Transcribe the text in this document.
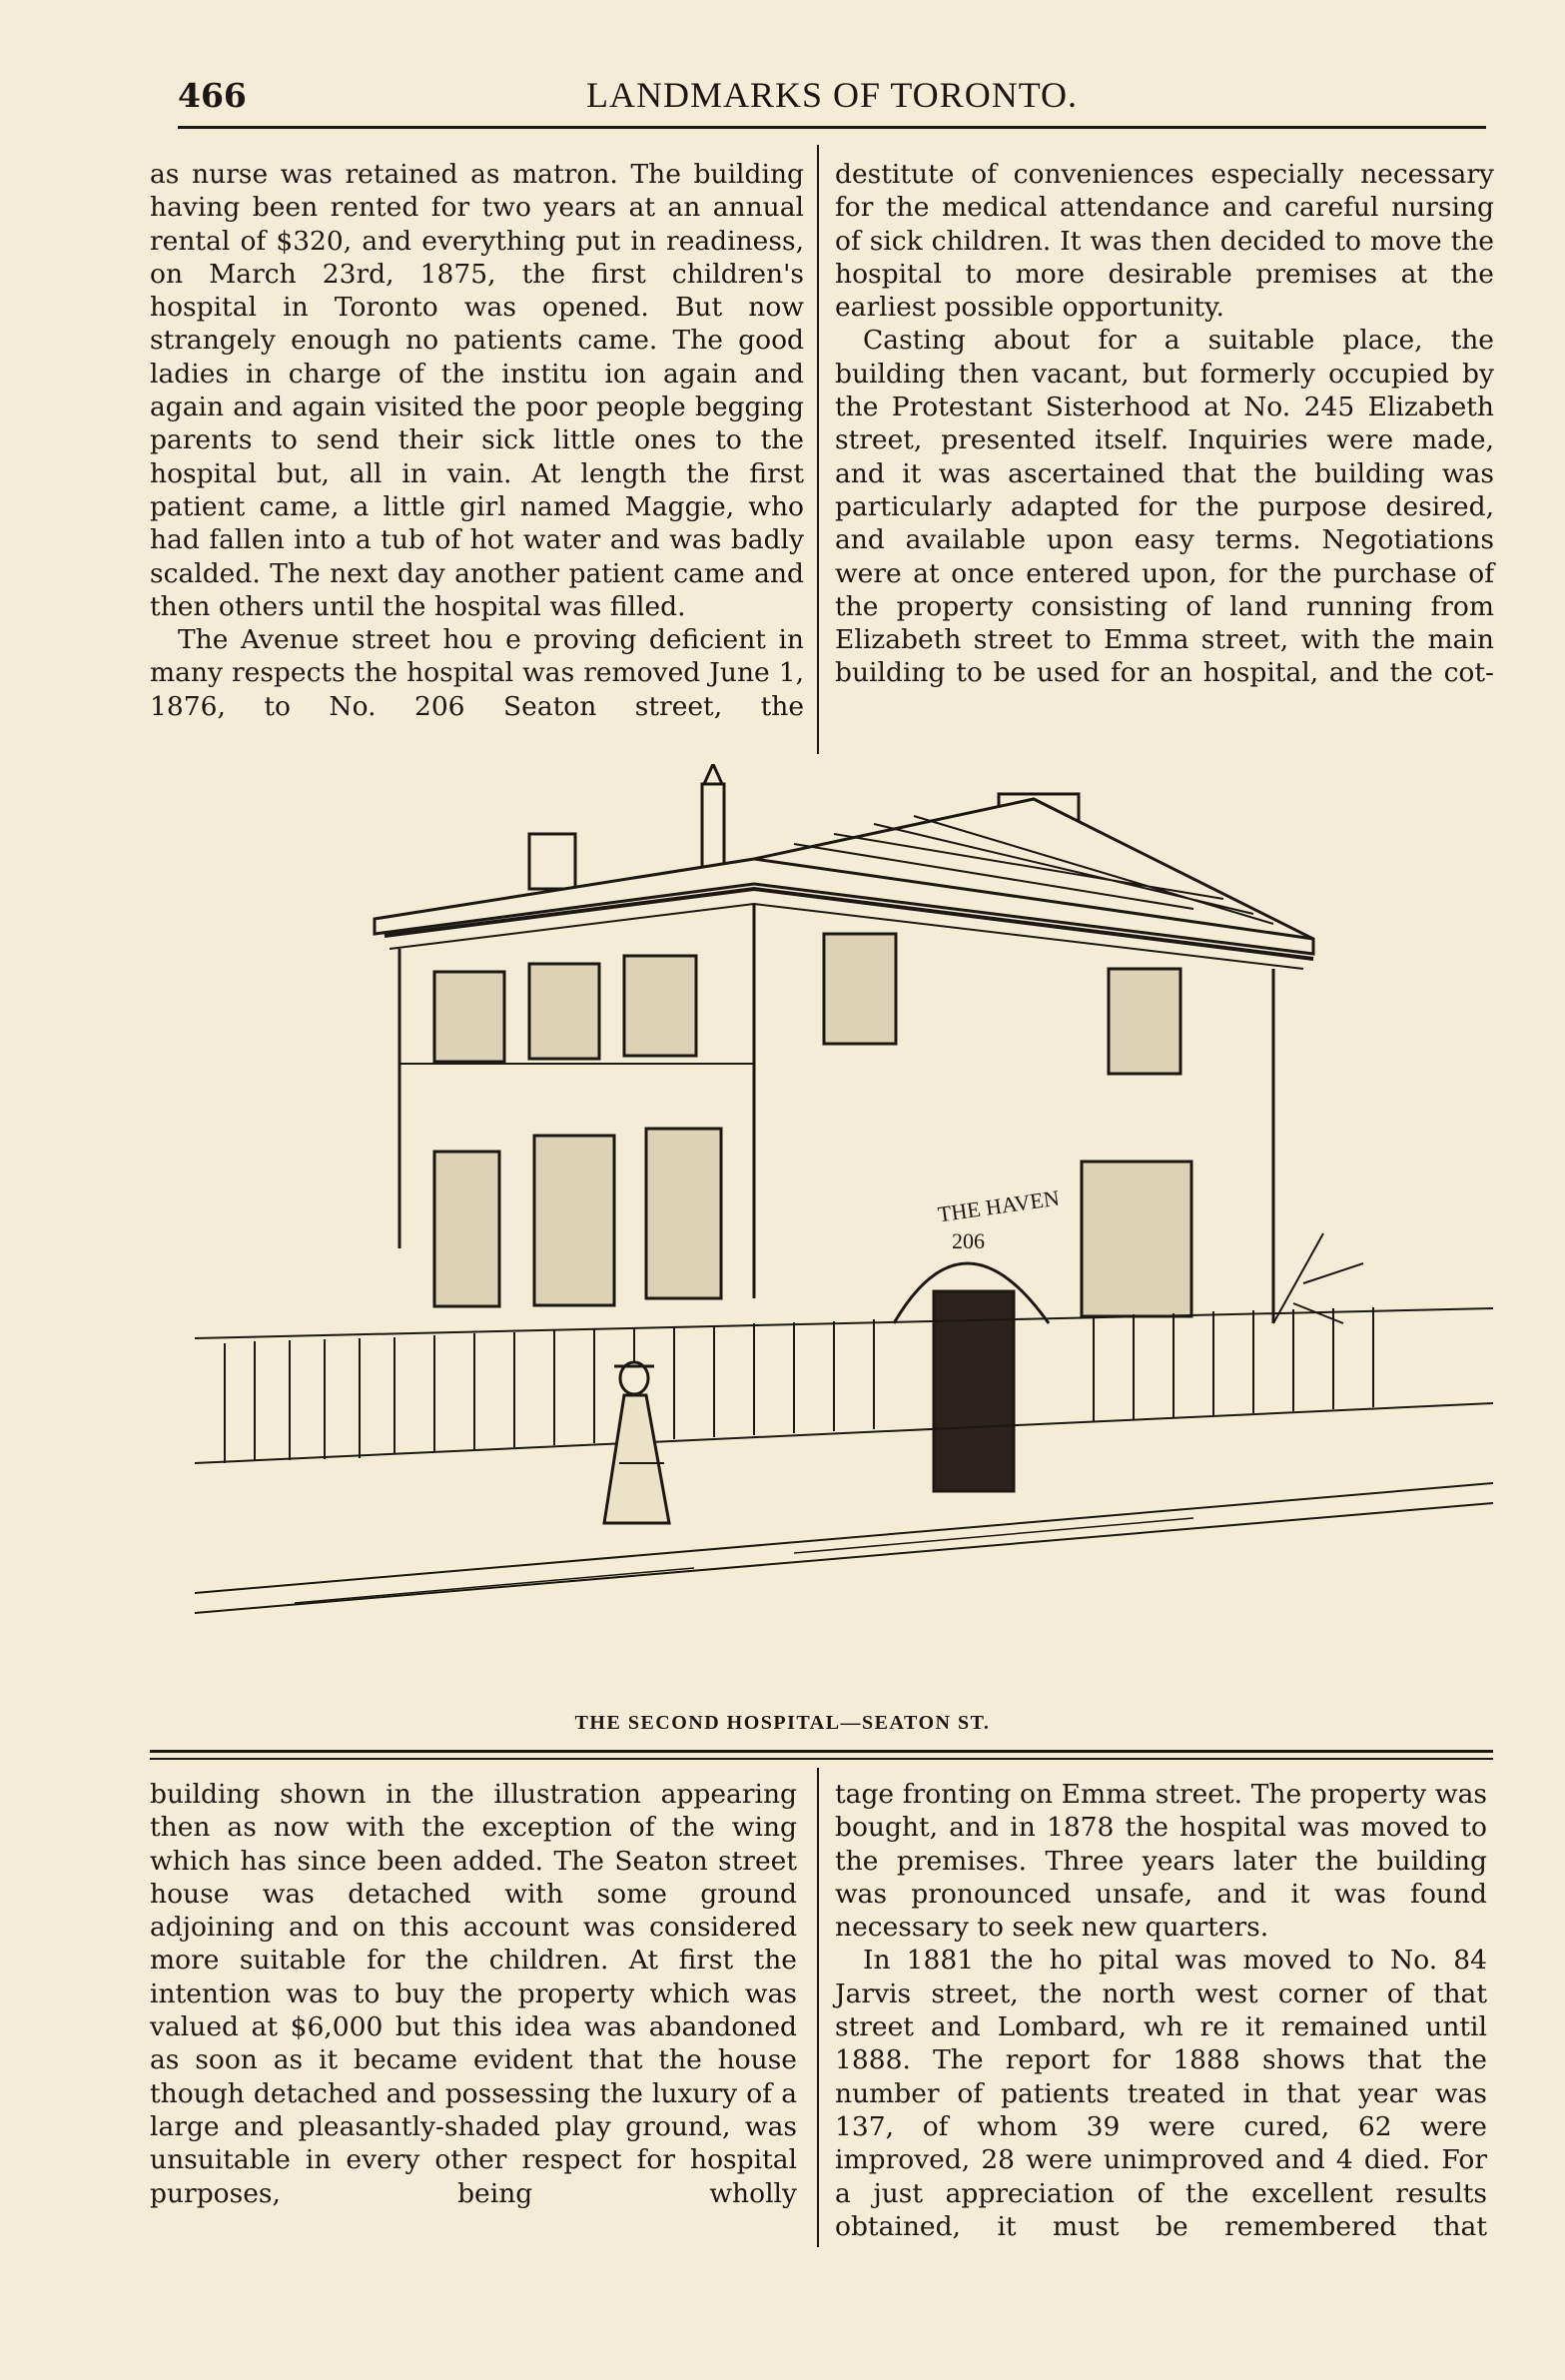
466	LANDMARKS OF TORONTO.

as nurse was retained as matron. The building having been rented for two years at an annual rental of $320, and everything put in readiness, on March 23rd, 1875, the first children's hospital in Toronto was opened. But now strangely enough no patients came. The good ladies in charge of the institu ion again and again and again visited the poor people begging parents to send their sick little ones to the hospital but, all in vain. At length the first patient came, a little girl named Maggie, who had fallen into a tub of hot water and was badly scalded. The next day another patient came and then others until the hospital was filled.

The Avenue street hou e proving deficient in many respects the hospital was removed June 1, 1876, to No. 206 Seaton street, the

destitute of conveniences especially necessary for the medical attendance and careful nursing of sick children. It was then decided to move the hospital to more desirable premises at the earliest possible opportunity.

Casting about for a suitable place, the building then vacant, but formerly occupied by the Protestant Sisterhood at No. 245 Elizabeth street, presented itself. Inquiries were made, and it was ascertained that the building was particularly adapted for the purpose desired, and available upon easy terms. Negotiations were at once entered upon, for the purchase of the property consisting of land running from Elizabeth street to Emma street, with the main building to be used for an hospital, and the cot-

THE HAVEN
206
THE SECOND HOSPITAL—SEATON ST.

building shown in the illustration appearing then as now with the exception of the wing which has since been added. The Seaton street house was detached with some ground adjoining and on this account was considered more suitable for the children. At first the intention was to buy the property which was valued at $6,000 but this idea was abandoned as soon as it became evident that the house though detached and possessing the luxury of a large and pleasantly-shaded play ground, was unsuitable in every other respect for hospital purposes, being wholly

tage fronting on Emma street. The property was bought, and in 1878 the hospital was moved to the premises. Three years later the building was pronounced unsafe, and it was found necessary to seek new quarters.

In 1881 the ho pital was moved to No. 84 Jarvis street, the north west corner of that street and Lombard, wh re it remained until 1888. The report for 1888 shows that the number of patients treated in that year was 137, of whom 39 were cured, 62 were improved, 28 were unimproved and 4 died. For a just appreciation of the excellent results obtained, it must be remembered that
